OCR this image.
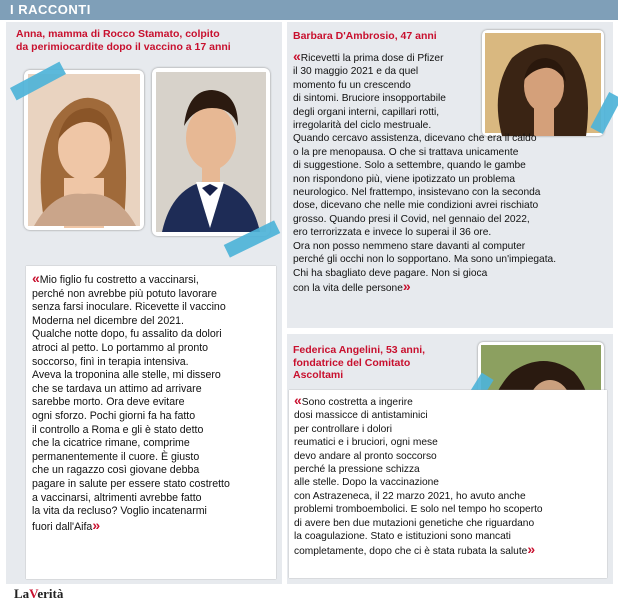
I RACCONTI
Anna, mamma di Rocco Stamato, colpito
da perimiocardite dopo il vaccino a 17 anni
«Mio figlio fu costretto a vaccinarsi,
perché non avrebbe più potuto lavorare
senza farsi inoculare. Ricevette il vaccino
Moderna nel dicembre del 2021.
Qualche notte dopo, fu assalito da dolori
atroci al petto. Lo portammo al pronto
soccorso, finì in terapia intensiva.
Aveva la troponina alle stelle, mi dissero
che se tardava un attimo ad arrivare
sarebbe morto. Ora deve evitare
ogni sforzo. Pochi giorni fa ha fatto
il controllo a Roma e gli è stato detto
che la cicatrice rimane, comprime
permanentemente il cuore. È giusto
che un ragazzo così giovane debba
pagare in salute per essere stato costretto
a vaccinarsi, altrimenti avrebbe fatto
la vita da recluso? Voglio incatenarmi
fuori dall'Aifa»
Barbara D'Ambrosio, 47 anni
«Ricevetti la prima dose di Pfizer
il 30 maggio 2021 e da quel
momento fu un crescendo
di sintomi. Bruciore insopportabile
degli organi interni, capillari rotti,
irregolarità del ciclo mestruale.
Quando cercavo assistenza, dicevano che era il caldo
o la pre menopausa. O che si trattava unicamente
di suggestione. Solo a settembre, quando le gambe
non rispondono più, viene ipotizzato un problema
neurologico. Nel frattempo, insistevano con la seconda
dose, dicevano che nelle mie condizioni avrei rischiato
grosso. Quando presi il Covid, nel gennaio del 2022,
ero terrorizzata e invece lo superai il 36 ore.
Ora non posso nemmeno stare davanti al computer
perché gli occhi non lo sopportano. Ma sono un'impiegata.
Chi ha sbagliato deve pagare. Non si gioca
con la vita delle persone»
Federica Angelini, 53 anni,
fondatrice del Comitato
Ascoltami
«Sono costretta a ingerire
dosi massicce di antistaminici
per controllare i dolori
reumatici e i bruciori, ogni mese
devo andare al pronto soccorso
perché la pressione schizza
alle stelle. Dopo la vaccinazione
con Astrazeneca, il 22 marzo 2021, ho avuto anche
problemi tromboembolici. E solo nel tempo ho scoperto
di avere ben due mutazioni genetiche che riguardano
la coagulazione. Stato e istituzioni sono mancati
completamente, dopo che ci è stata rubata la salute»
LaVerità
